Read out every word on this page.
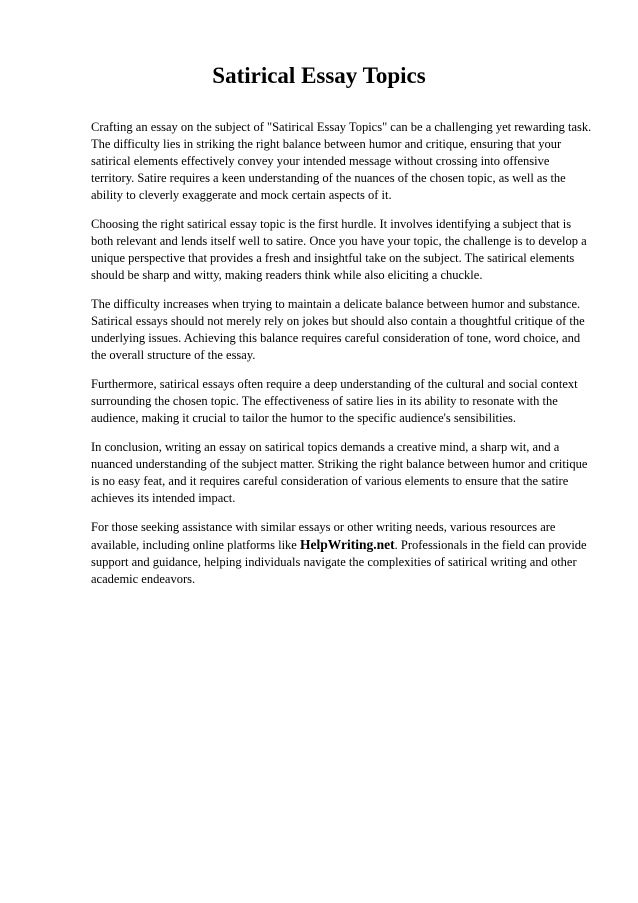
Satirical Essay Topics

Crafting an essay on the subject of "Satirical Essay Topics" can be a challenging yet rewarding task. The difficulty lies in striking the right balance between humor and critique, ensuring that your satirical elements effectively convey your intended message without crossing into offensive territory. Satire requires a keen understanding of the nuances of the chosen topic, as well as the ability to cleverly exaggerate and mock certain aspects of it.

Choosing the right satirical essay topic is the first hurdle. It involves identifying a subject that is both relevant and lends itself well to satire. Once you have your topic, the challenge is to develop a unique perspective that provides a fresh and insightful take on the subject. The satirical elements should be sharp and witty, making readers think while also eliciting a chuckle.

The difficulty increases when trying to maintain a delicate balance between humor and substance. Satirical essays should not merely rely on jokes but should also contain a thoughtful critique of the underlying issues. Achieving this balance requires careful consideration of tone, word choice, and the overall structure of the essay.

Furthermore, satirical essays often require a deep understanding of the cultural and social context surrounding the chosen topic. The effectiveness of satire lies in its ability to resonate with the audience, making it crucial to tailor the humor to the specific audience's sensibilities.

In conclusion, writing an essay on satirical topics demands a creative mind, a sharp wit, and a nuanced understanding of the subject matter. Striking the right balance between humor and critique is no easy feat, and it requires careful consideration of various elements to ensure that the satire achieves its intended impact.

For those seeking assistance with similar essays or other writing needs, various resources are available, including online platforms like HelpWriting.net. Professionals in the field can provide support and guidance, helping individuals navigate the complexities of satirical writing and other academic endeavors.
